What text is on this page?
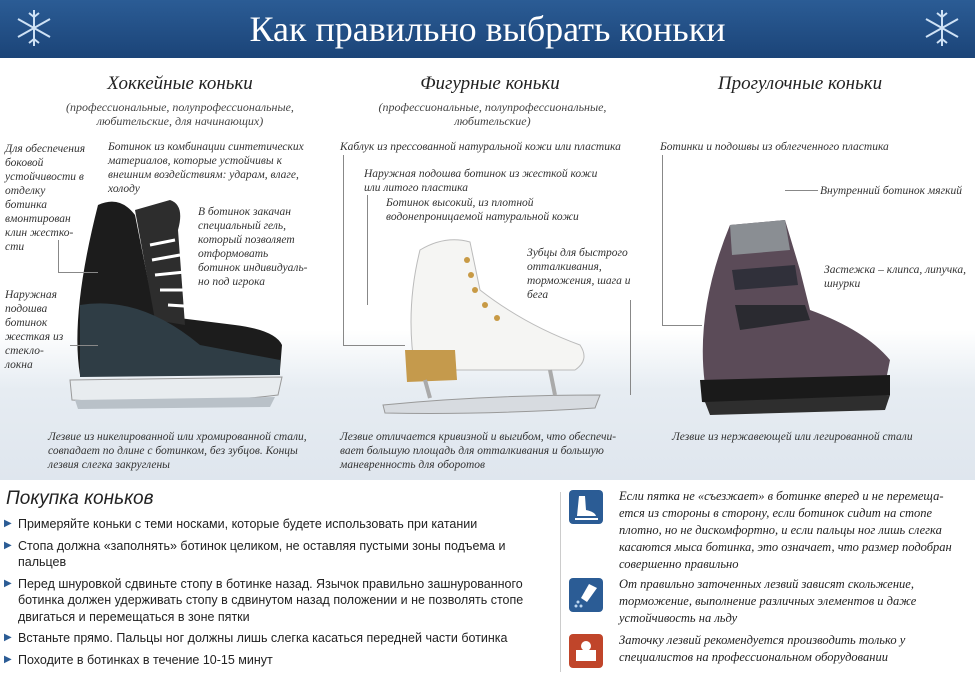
Как правильно выбрать коньки
Хоккейные коньки
(профессиональные, полупрофессиональные, любительские, для начинающих)
Фигурные коньки
(профессиональные, полупрофессиональные, любительские)
Прогулочные коньки
Для обеспечения боковой устойчивости в отделку ботинка вмонтирован клин жестко-сти
Ботинок из комбинации синтетических материалов, которые устойчивы к внешним воздействиям: ударам, влаге, холоду
В ботинок закачан специальный гель, который позволяет отформовать ботинок индивидуаль-но под игрока
Наружная подошва ботинок жесткая из стекло-локна
Лезвие из никелированной или хромированной стали, совпадает по длине с ботинком, без зубцов. Концы лезвия слегка закруглены
Каблук из прессованной натуральной кожи или пластика
Наружная подошва ботинок из жесткой кожи или литого пластика
Ботинок высокий, из плотной водонепроницаемой натуральной кожи
Зубцы для быстрого отталкивания, торможения, шага и бега
Лезвие отличается кривизной и выгибом, что обеспечи-вает большую площадь для отталкивания и большую маневренность для оборотов
Ботинки и подошвы из облегченного пластика
Внутренний ботинок мягкий
Застежка – клипса, липучка, шнурки
Лезвие из нержавеющей или легированной стали
Покупка коньков
▶ Примеряйте коньки с теми носками, которые будете использовать при катании
▶ Стопа должна «заполнять» ботинок целиком, не оставляя пустыми зоны подъема и пальцев
▶ Перед шнуровкой сдвиньте стопу в ботинке назад. Язычок правильно зашнурованного ботинка должен удерживать стопу в сдвинутом назад положении и не позволять стопе двигаться и перемещаться в зоне пятки
▶ Встаньте прямо. Пальцы ног должны лишь слегка касаться передней части ботинка
▶ Походите в ботинках в течение 10-15 минут
Если пятка не «съезжает» в ботинке вперед и не перемеща-ется из стороны в сторону, если ботинок сидит на стопе плотно, но не дискомфортно, и если пальцы ног лишь слегка касаются мыса ботинка, это означает, что размер подобран совершенно правильно
От правильно заточенных лезвий зависят скольжение, торможение, выполнение различных элементов и даже устойчивость на льду
Заточку лезвий рекомендуется производить только у специалистов на профессиональном оборудовании
